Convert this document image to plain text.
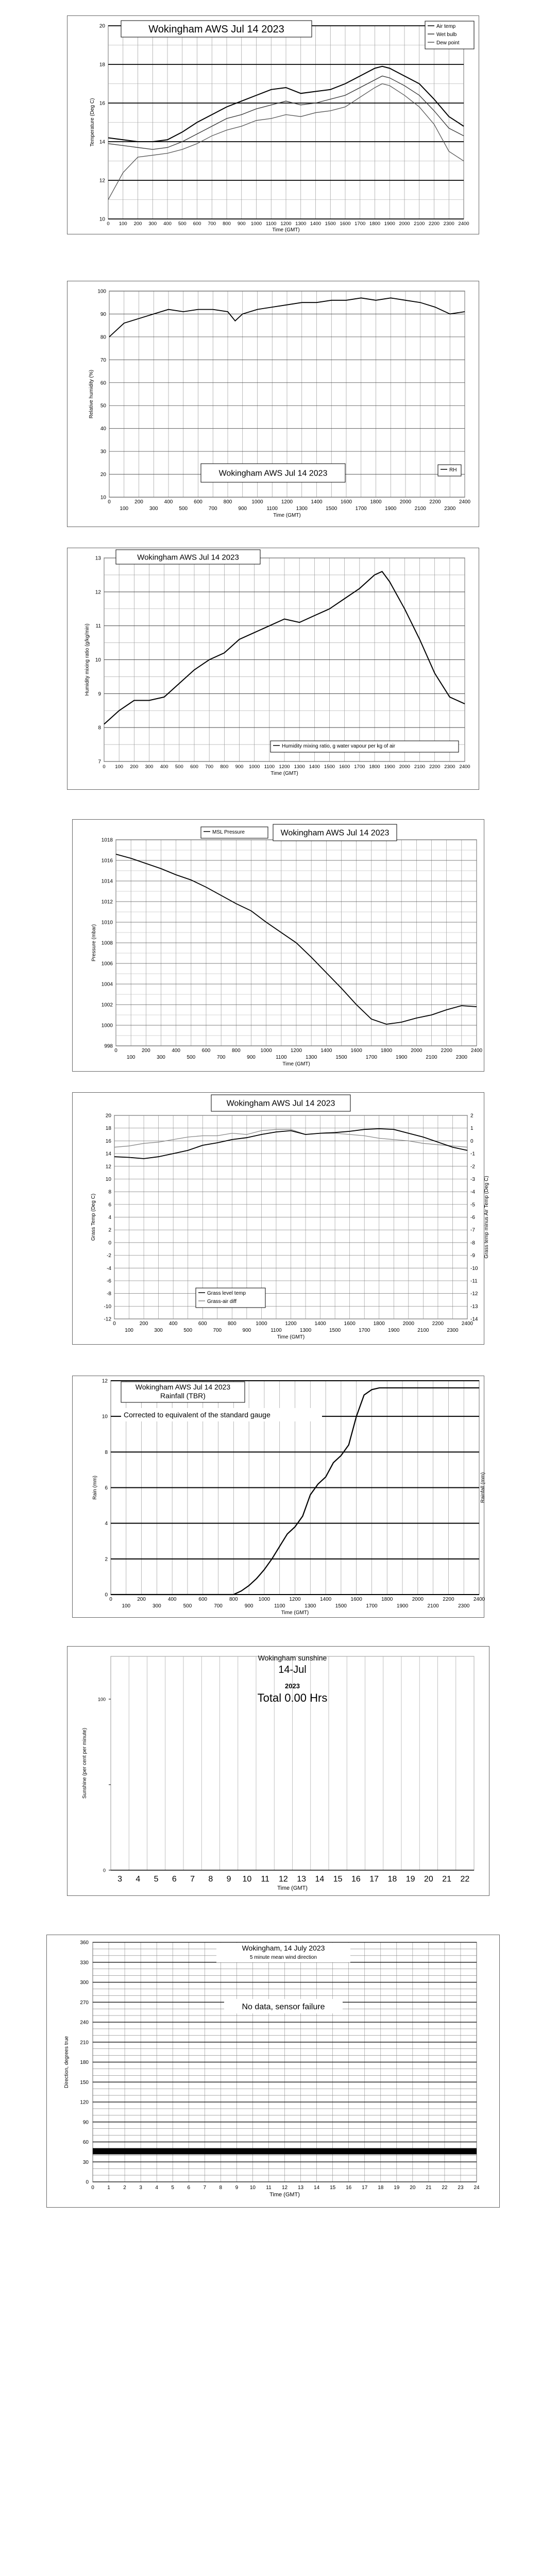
0 100 200 300 400 500 600 700 800 900 1000 1100 1200 1300 1400 1500 1600 1700 1800 1900 2000 2100 2200 2300 2400
10
12
14
16
18
20
Time (GMT)
Temperature (Deg C)
Wokingham AWS Jul 14 2023	Air temp
Wet bulb
Dew point
0	200	400	600	800	1000	1200	1400	1600	1800	2000	2200	2400
100	300	500	700	900	1100	1300	1500	1700	1900	2100	2300
10
20
30
40
50
60
70
80
90
100
Time (GMT)
Relative humidity (%)
Wokingham AWS Jul 14 2023	RH
0 100 200 300 400 500 600 700 800 900 1000 1100 1200 1300 1400 1500 1600 1700 1800 1900 2000 2100 2200 2300 2400
7
8
9
10
11
12
13
Time (GMT)
Humidity mixing ratio (g/kg/min)
Wokingham AWS Jul 14 2023
Humidity mixing ratio, g water vapour per kg of air
0	200	400	600	800	1000	1200	1400	1600	1800	2000	2200	2400
100	300	500	700	900	1100	1300	1500	1700	1900	2100	2300
998
1000
1002
1004
1006
1008
1010
1012
1014
1016
1018
Time (GMT)
Pressure (mbar)
MSL Pressure	Wokingham AWS Jul 14 2023
0	200	400	600	800	1000	1200	1400	1600	1800	2000	2200	2400
100	300	500	700	900	1100	1300	1500	1700	1900	2100	2300
-12
-10
-8
-6
-4
-2
0
2
4
6
8
10
12
14
16
18
20
-14
-13
-12
-11
-10
-9
-8
-7
-6
-5
-4
-3
-2
-1
0
1
2
Time (GMT)
Grass Temp (Deg C)	Grass temp minus Air Temp (Deg C)
Wokingham AWS Jul 14 2023
Grass level temp
Grass-air diff
Wokingham AWS Jul 14 2023
Rainfall (TBR)
Corrected to equivalent of the standard gauge
0	200	400	600	800	1000	1200	1400	1600	1800	2000	2200	2400
100	300	500	700	900	1100	1300	1500	1700	1900	2100	2300
0
2
4
6
8
10
12
Time (GMT)
Rain (mm)	Rainfall (mm)
0
100
3 4 5 6 7 8 9 10 11 12 13 14 15 16 17 18 19 20 21 22
Time (GMT)
Sunshine (per cent per minute)
Wokingham sunshine
14-Jul
2023
Total 0.00 Hrs
Wokingham, 14 July 2023
5 minute mean wind direction
No data, sensor failure
0	1	2	3	4	5	6	7	8	9 10 11 12 13 14 15 16 17 18 19 20 21 22 23 24
0
30
60
90
120
150
180
210
240
270
300
330
360
Time (GMT)
Direction, degrees true
